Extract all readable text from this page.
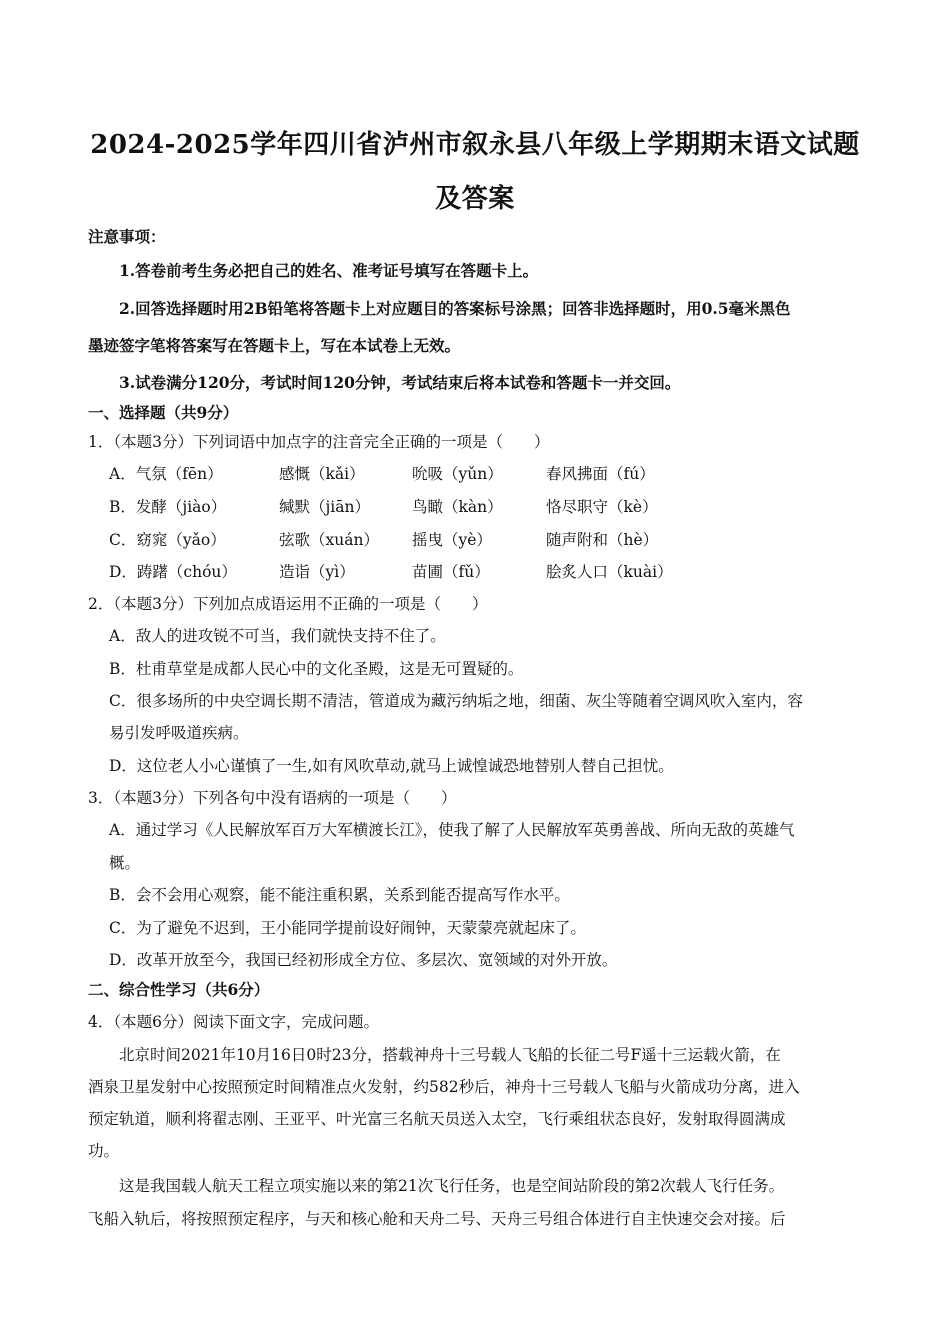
2024-2025学年四川省泸州市叙永县八年级上学期期末语文试题及答案
注意事项：
1.答卷前考生务必把自己的姓名、准考证号填写在答题卡上。
2.回答选择题时用2B铅笔将答题卡上对应题目的答案标号涂黑；回答非选择题时，用0.5毫米黑色
墨迹签字笔将答案写在答题卡上，写在本试卷上无效。
3.试卷满分120分，考试时间120分钟，考试结束后将本试卷和答题卡一并交回。
一、选择题（共9分）
1．（本题3分）下列词语中加点字的注音完全正确的一项是（　　）
A．气氛（fēn）	感慨（kǎi）	吮吸（yǔn）	春风拂面（fú）
B．发酵（jiào）	缄默（jiān）	鸟瞰（kàn）	恪尽职守（kè）
C．窈窕（yǎo）	弦歌（xuán） 摇曳（yè）	随声附和（hè）
D．踌躇（chóu）	造诣（yì）	苗圃（fǔ）	脍炙人口（kuài）
2．（本题3分）下列加点成语运用不正确的一项是（　　）
A．敌人的进攻锐不可当，我们就快支持不住了。
B．杜甫草堂是成都人民心中的文化圣殿，这是无可置疑的。
C．很多场所的中央空调长期不清洁，管道成为藏污纳垢之地，细菌、灰尘等随着空调风吹入室内，容
易引发呼吸道疾病。
D．这位老人小心谨慎了一生,如有风吹草动,就马上诚惶诚恐地替别人替自己担忧。
3．（本题3分）下列各句中没有语病的一项是（　　）
A．通过学习《人民解放军百万大军横渡长江》，使我了解了人民解放军英勇善战、所向无敌的英雄气
概。
B．会不会用心观察，能不能注重积累，关系到能否提高写作水平。
C．为了避免不迟到，王小能同学提前设好闹钟，天蒙蒙亮就起床了。
D．改革开放至今，我国已经初形成全方位、多层次、宽领域的对外开放。
二、综合性学习（共6分）
4．（本题6分）阅读下面文字，完成问题。
北京时间2021年10月16日0时23分，搭载神舟十三号载人飞船的长征二号F遥十三运载火箭，在
酒泉卫星发射中心按照预定时间精准点火发射，约582秒后，神舟十三号载人飞船与火箭成功分离，进入
预定轨道，顺利将翟志刚、王亚平、叶光富三名航天员送入太空，飞行乘组状态良好，发射取得圆满成
功。
这是我国载人航天工程立项实施以来的第21次飞行任务，也是空间站阶段的第2次载人飞行任务。
飞船入轨后，将按照预定程序，与天和核心舱和天舟二号、天舟三号组合体进行自主快速交会对接。后
